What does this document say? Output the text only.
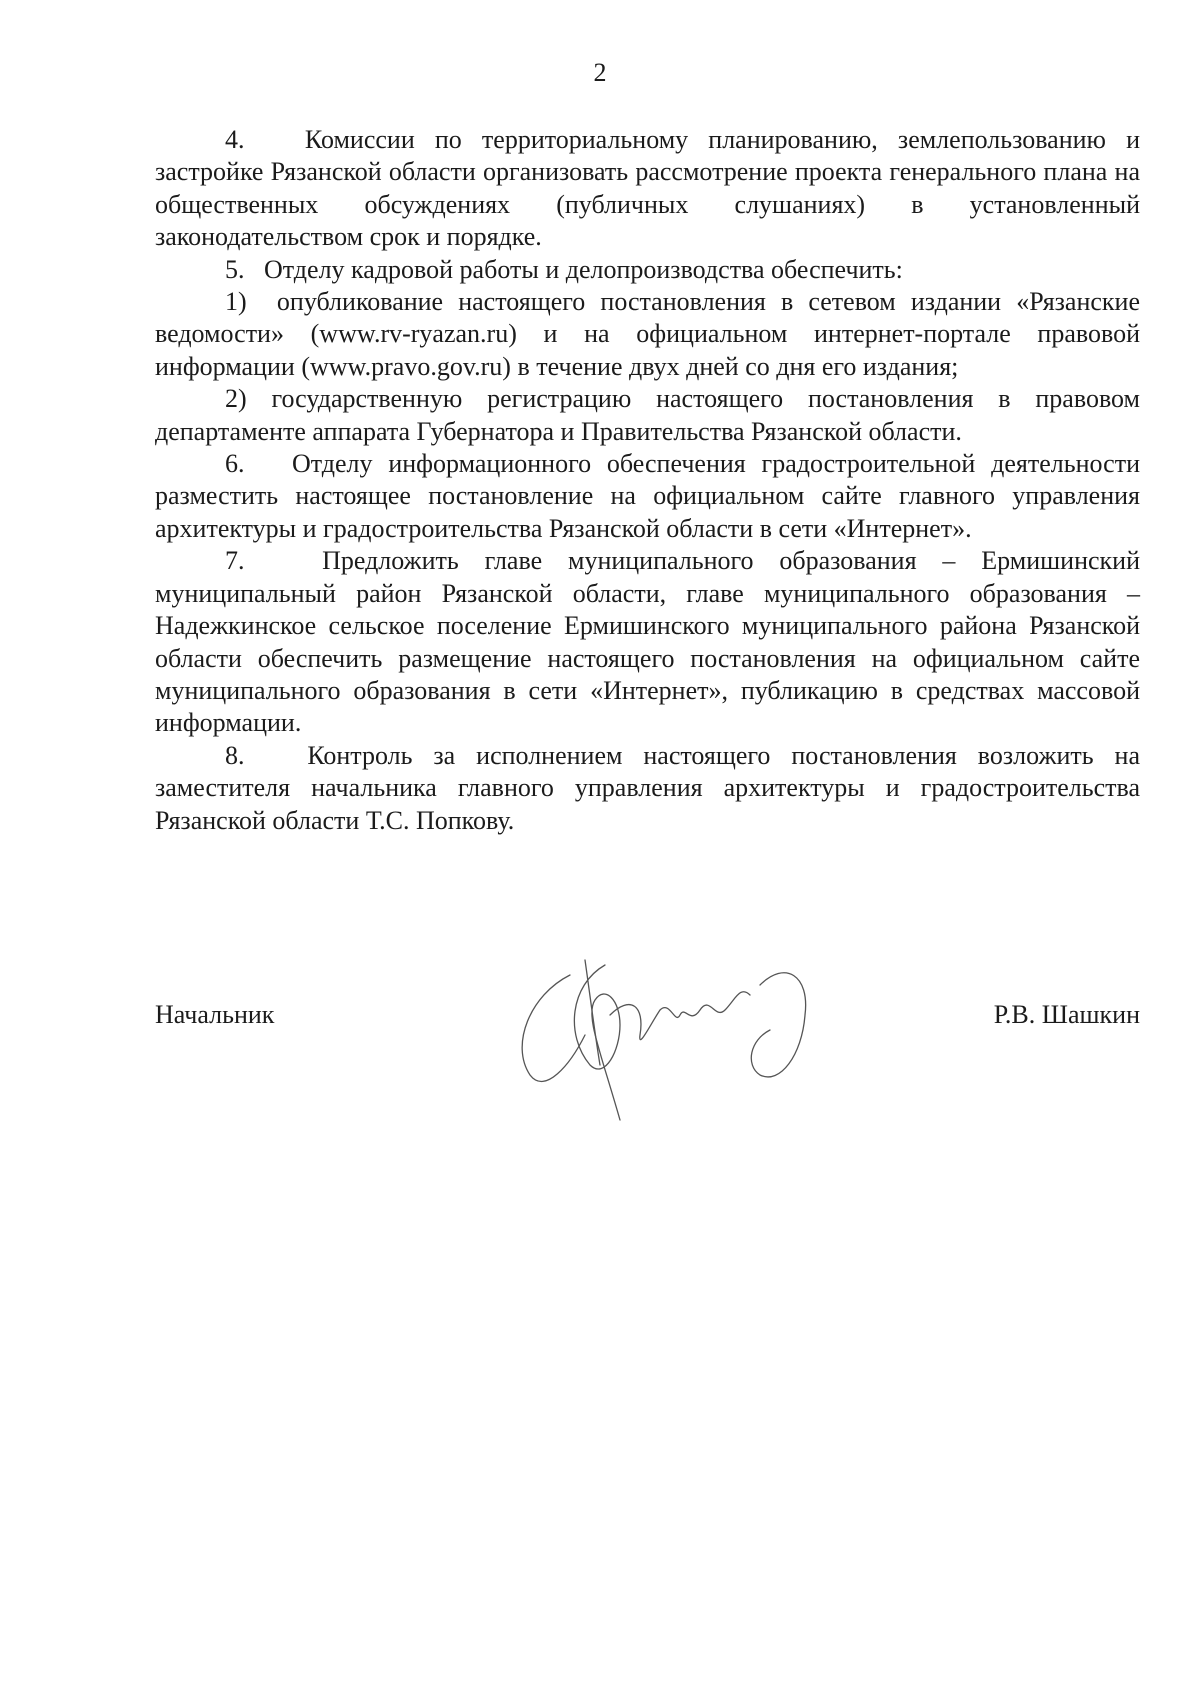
2

4.   Комиссии по территориальному планированию, землепользованию и застройке Рязанской области организовать рассмотрение проекта генерального плана на общественных обсуждениях (публичных слушаниях) в установленный законодательством срок и порядке.

5.   Отделу кадровой работы и делопроизводства обеспечить:

1)  опубликование настоящего постановления в сетевом издании «Рязанские ведомости» (www.rv-ryazan.ru) и на официальном интернет-портале правовой информации (www.pravo.gov.ru) в течение двух дней со дня его издания;

2) государственную регистрацию настоящего постановления в правовом департаменте аппарата Губернатора и Правительства Рязанской области.

6.   Отделу информационного обеспечения градостроительной деятельности разместить настоящее постановление на официальном сайте главного управления архитектуры и градостроительства Рязанской области в сети «Интернет».

7.   Предложить главе муниципального образования – Ермишинский муниципальный район Рязанской области, главе муниципального образования – Надежкинское сельское поселение Ермишинского муниципального района Рязанской области обеспечить размещение настоящего постановления на официальном сайте муниципального образования в сети «Интернет», публикацию в средствах массовой информации.

8.   Контроль за исполнением настоящего постановления возложить на заместителя начальника главного управления архитектуры и градостроительства Рязанской области Т.С. Попкову.

Начальник	Р.В. Шашкин
